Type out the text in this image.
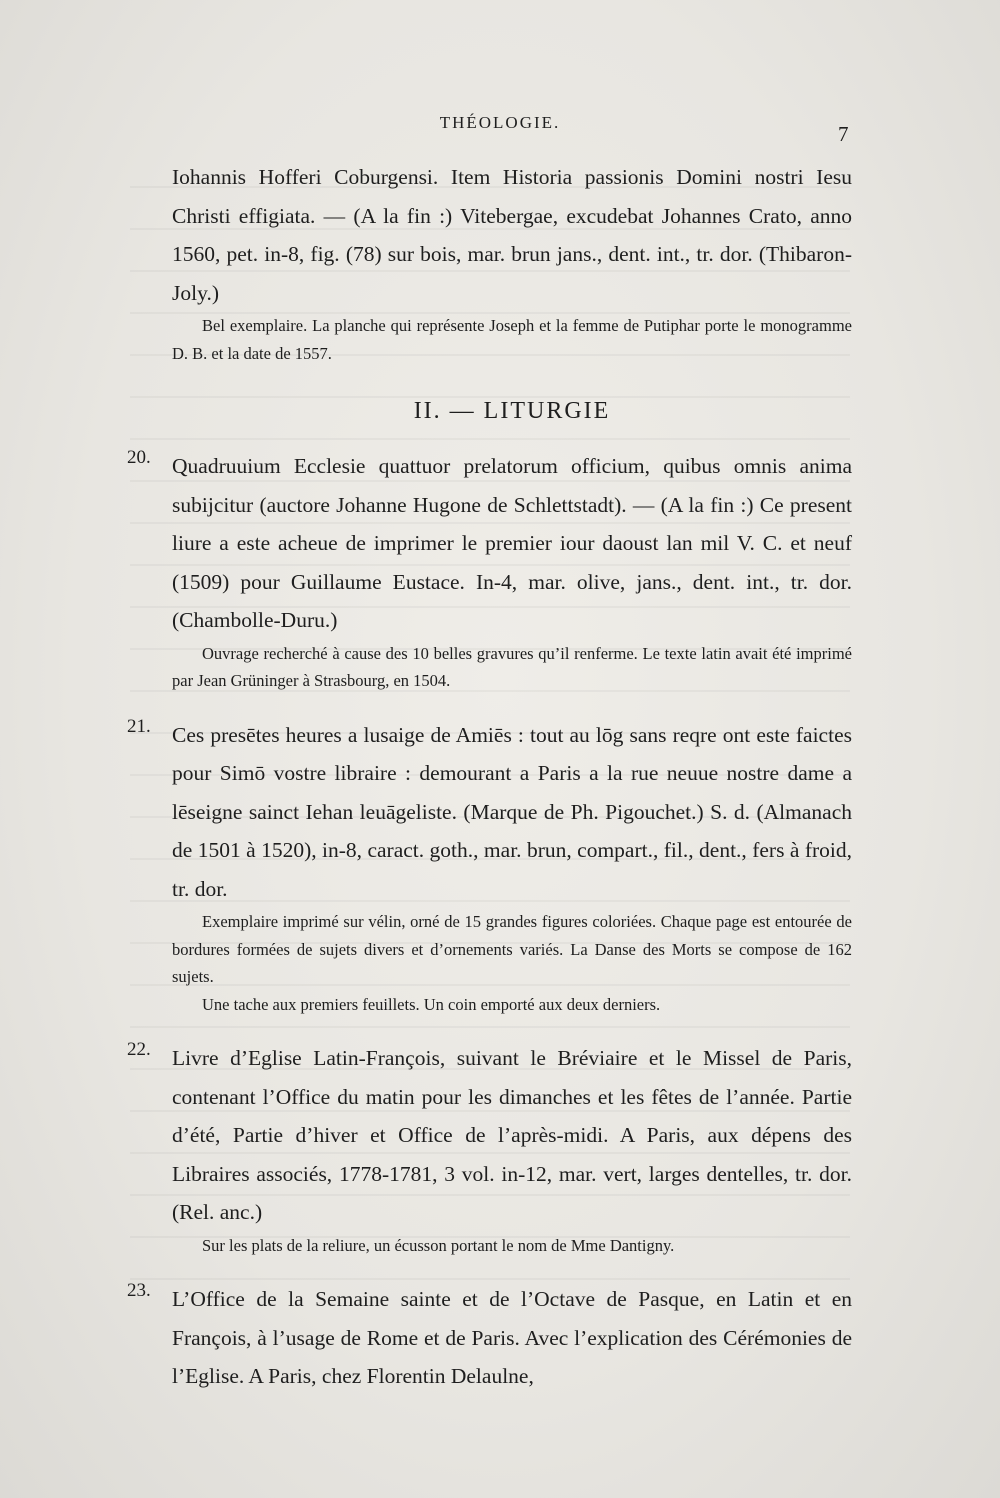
THÉOLOGIE.	7

Iohannis Hofferi Coburgensi. Item Historia passionis Domini nostri Iesu Christi effigiata. — (A la fin :) Vitebergae, excudebat Johannes Crato, anno 1560, pet. in-8, fig. (78) sur bois, mar. brun jans., dent. int., tr. dor. (Thibaron-Joly.)

Bel exemplaire. La planche qui représente Joseph et la femme de Putiphar porte le monogramme D. B. et la date de 1557.

II. — LITURGIE

20. Quadruuium Ecclesie quattuor prelatorum officium, quibus omnis anima subijcitur (auctore Johanne Hugone de Schlettstadt). — (A la fin :) Ce present liure a este acheue de imprimer le premier iour daoust lan mil V. C. et neuf (1509) pour Guillaume Eustace. In-4, mar. olive, jans., dent. int., tr. dor. (Chambolle-Duru.)

Ouvrage recherché à cause des 10 belles gravures qu’il renferme. Le texte latin avait été imprimé par Jean Grüninger à Strasbourg, en 1504.

21. Ces presētes heures a lusaige de Amiēs : tout au lōg sans reqre ont este faictes pour Simō vostre libraire : demourant a Paris a la rue neuue nostre dame a lēseigne sainct Iehan leuāgeliste. (Marque de Ph. Pigouchet.) S. d. (Almanach de 1501 à 1520), in-8, caract. goth., mar. brun, compart., fil., dent., fers à froid, tr. dor.

Exemplaire imprimé sur vélin, orné de 15 grandes figures coloriées. Chaque page est entourée de bordures formées de sujets divers et d’ornements variés. La Danse des Morts se compose de 162 sujets.

Une tache aux premiers feuillets. Un coin emporté aux deux derniers.

22. Livre d’Eglise Latin-François, suivant le Bréviaire et le Missel de Paris, contenant l’Office du matin pour les dimanches et les fêtes de l’année. Partie d’été, Partie d’hiver et Office de l’après-midi. A Paris, aux dépens des Libraires associés, 1778-1781, 3 vol. in-12, mar. vert, larges dentelles, tr. dor. (Rel. anc.)

Sur les plats de la reliure, un écusson portant le nom de Mme Dantigny.

23. L’Office de la Semaine sainte et de l’Octave de Pasque, en Latin et en François, à l’usage de Rome et de Paris. Avec l’explication des Cérémonies de l’Eglise. A Paris, chez Florentin Delaulne,
